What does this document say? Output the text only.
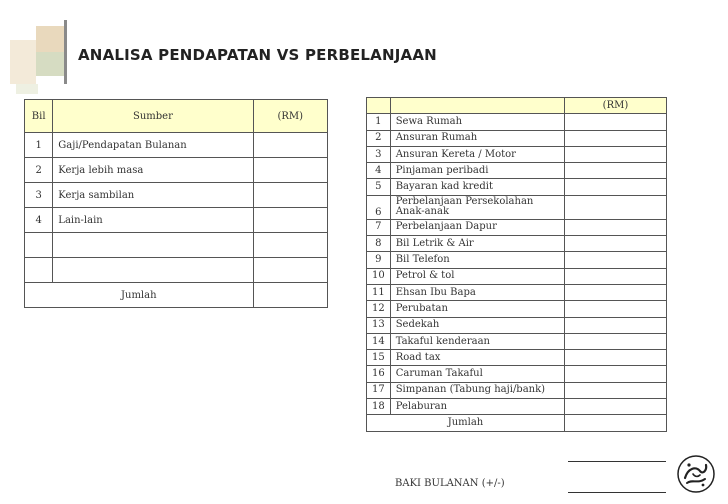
ANALISA PENDAPATAN VS PERBELANJAAN
Bil	Sumber	(RM)
1	Gaji/Pendapatan Bulanan	
2	Kerja lebih masa	
3	Kerja sambilan	
4	Lain-lain	

Jumlah		
		(RM)
1	Sewa Rumah	
2	Ansuran Rumah	
3	Ansuran Kereta / Motor	
4	Pinjaman peribadi	
5	Bayaran kad kredit	
6	Perbelanjaan Persekolahan Anak-anak	
7	Perbelanjaan Dapur	
8	Bil Letrik & Air	
9	Bil Telefon	
10	Petrol & tol	
11	Ehsan Ibu Bapa	
12	Perubatan	
13	Sedekah	
14	Takaful kenderaan	
15	Road tax	
16	Caruman Takaful	
17	Simpanan (Tabung haji/bank)	
18	Pelaburan	
Jumlah		
BAKI BULANAN (+/-)
